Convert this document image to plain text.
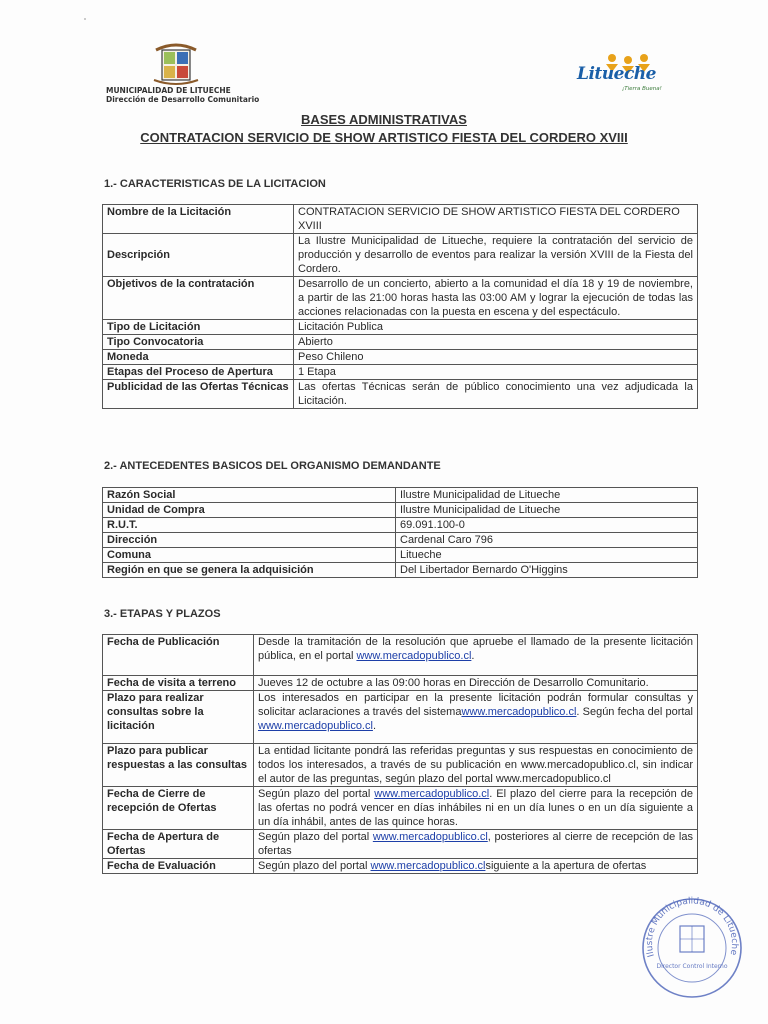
MUNICIPALIDAD DE LITUECHE
Dirección de Desarrollo Comunitario
Litueche
¡Tierra Buena!
BASES ADMINISTRATIVAS
CONTRATACION SERVICIO DE SHOW ARTISTICO FIESTA DEL CORDERO XVIII
1.- CARACTERISTICAS DE LA LICITACION
Nombre de la Licitación	CONTRATACION SERVICIO DE SHOW ARTISTICO FIESTA DEL CORDERO XVIII
Descripción	La Ilustre Municipalidad de Litueche, requiere la contratación del servicio de producción y desarrollo de eventos para realizar la versión XVIII de la Fiesta del Cordero.
Objetivos de la contratación	Desarrollo de un concierto, abierto a la comunidad el día 18 y 19 de noviembre, a partir de las 21:00 horas hasta las 03:00 AM y lograr la ejecución de todas las acciones relacionadas con la puesta en escena y del espectáculo.
Tipo de Licitación	Licitación Publica
Tipo Convocatoria	Abierto
Moneda	Peso Chileno
Etapas del Proceso de Apertura	1 Etapa
Publicidad de las Ofertas Técnicas	Las ofertas Técnicas serán de público conocimiento una vez adjudicada la Licitación.
2.- ANTECEDENTES BASICOS DEL ORGANISMO DEMANDANTE
Razón Social	Ilustre Municipalidad de Litueche
Unidad de Compra	Ilustre Municipalidad de Litueche
R.U.T.	69.091.100-0
Dirección	Cardenal Caro 796
Comuna	Litueche
Región en que se genera la adquisición	Del Libertador Bernardo O'Higgins
3.- ETAPAS Y PLAZOS
Fecha de Publicación	Desde la tramitación de la resolución que apruebe el llamado de la presente licitación pública, en el portal www.mercadopublico.cl.
Fecha de visita a terreno	Jueves 12 de octubre a las 09:00 horas en Dirección de Desarrollo Comunitario.
Plazo para realizar consultas sobre la licitación	Los interesados en participar en la presente licitación podrán formular consultas y solicitar aclaraciones a través del sistemawww.mercadopublico.cl. Según fecha del portal www.mercadopublico.cl.
Plazo para publicar respuestas a las consultas	La entidad licitante pondrá las referidas preguntas y sus respuestas en conocimiento de todos los interesados, a través de su publicación en www.mercadopublico.cl, sin indicar el autor de las preguntas, según plazo del portal www.mercadopublico.cl
Fecha de Cierre de recepción de Ofertas	Según plazo del portal www.mercadopublico.cl. El plazo del cierre para la recepción de las ofertas no podrá vencer en días inhábiles ni en un día lunes o en un día siguiente a un día inhábil, antes de las quince horas.
Fecha de Apertura de Ofertas	Según plazo del portal www.mercadopublico.cl, posteriores al cierre de recepción de las ofertas
Fecha de Evaluación	Según plazo del portal www.mercadopublico.clsiguiente a la apertura de ofertas
Ilustre Municipalidad de Litueche
Director Control Interno
